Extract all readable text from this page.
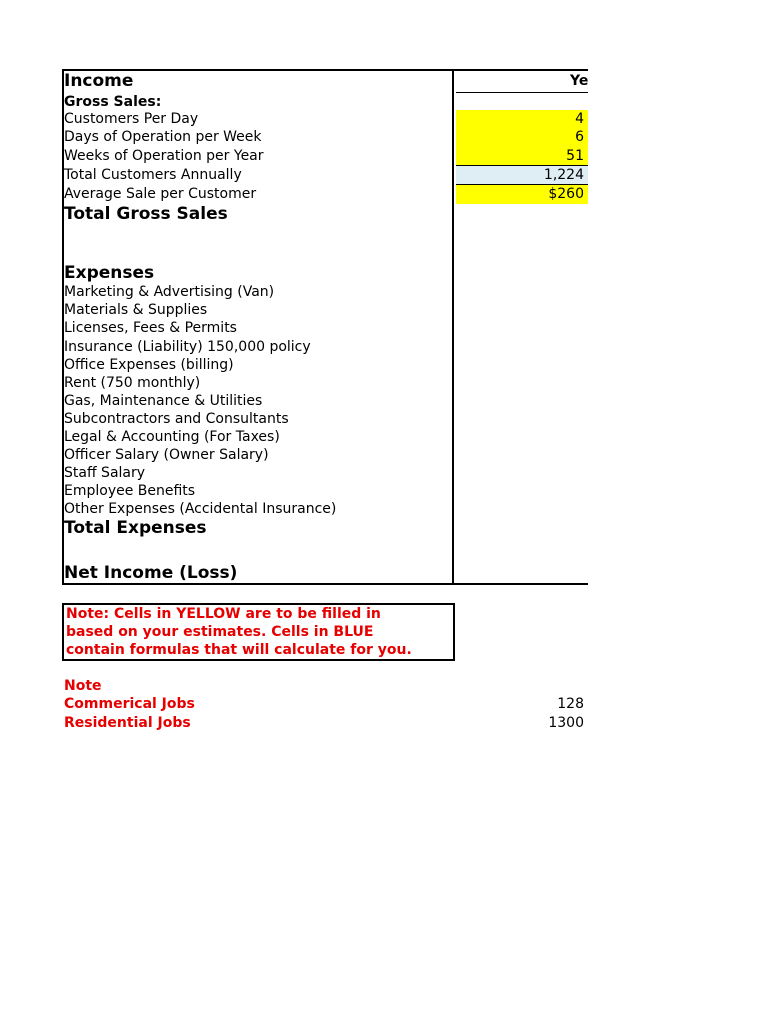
Ye
Income
Gross Sales:
Customers Per Day	4
Days of Operation per Week	6
Weeks of Operation per Year	51
Total Customers Annually	1,224
Average Sale per Customer	$260
Total Gross Sales
Expenses
Marketing & Advertising (Van)
Materials & Supplies
Licenses, Fees & Permits
Insurance (Liability) 150,000 policy
Office Expenses (billing)
Rent (750 monthly)
Gas, Maintenance & Utilities
Subcontractors and Consultants
Legal & Accounting (For Taxes)
Officer Salary (Owner Salary)
Staff Salary
Employee Benefits
Other Expenses (Accidental Insurance)
Total Expenses
Net Income (Loss)
Note: Cells in YELLOW are to be filled in
based on your estimates. Cells in BLUE
contain formulas that will calculate for you.
Note
Commerical Jobs	128
Residential Jobs	1300
